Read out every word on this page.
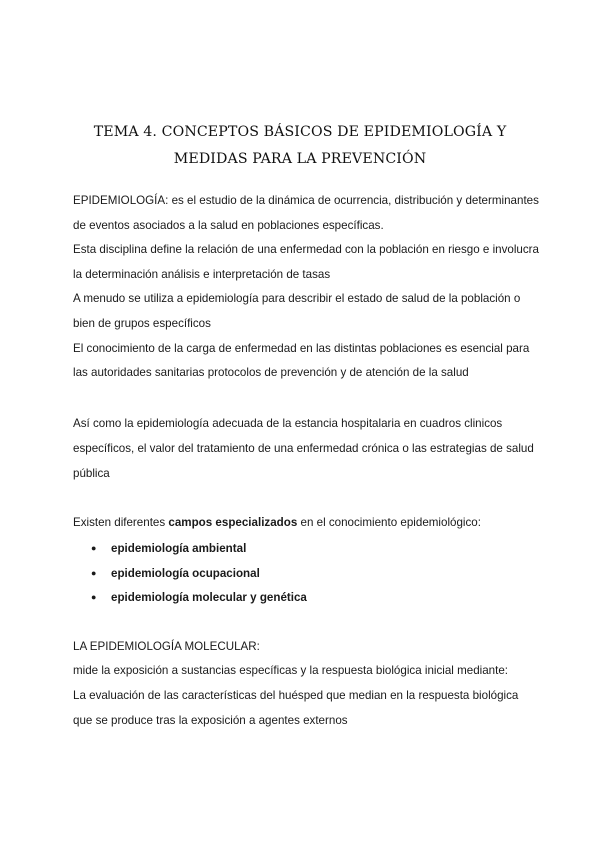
TEMA 4. CONCEPTOS BÁSICOS DE EPIDEMIOLOGÍA Y
MEDIDAS PARA LA PREVENCIÓN
EPIDEMIOLOGÍA: es el estudio de la dinámica de ocurrencia, distribución y determinantes
de eventos asociados a la salud en poblaciones específicas.
Esta disciplina define la relación de una enfermedad con la población en riesgo e involucra
la determinación análisis e interpretación de tasas
A menudo se utiliza a epidemiología para describir el estado de salud de la población o
bien de grupos específicos
El conocimiento de la carga de enfermedad en las distintas poblaciones es esencial para
las autoridades sanitarias protocolos de prevención y de atención de la salud
Así como la epidemiología adecuada de la estancia hospitalaria en cuadros clinicos
específicos, el valor del tratamiento de una enfermedad crónica o las estrategias de salud
pública
Existen diferentes campos especializados en el conocimiento epidemiológico:
● epidemiología ambiental
● epidemiología ocupacional
● epidemiología molecular y genética
LA EPIDEMIOLOGÍA MOLECULAR:
mide la exposición a sustancias específicas y la respuesta biológica inicial mediante:
La evaluación de las características del huésped que median en la respuesta biológica
que se produce tras la exposición a agentes externos
